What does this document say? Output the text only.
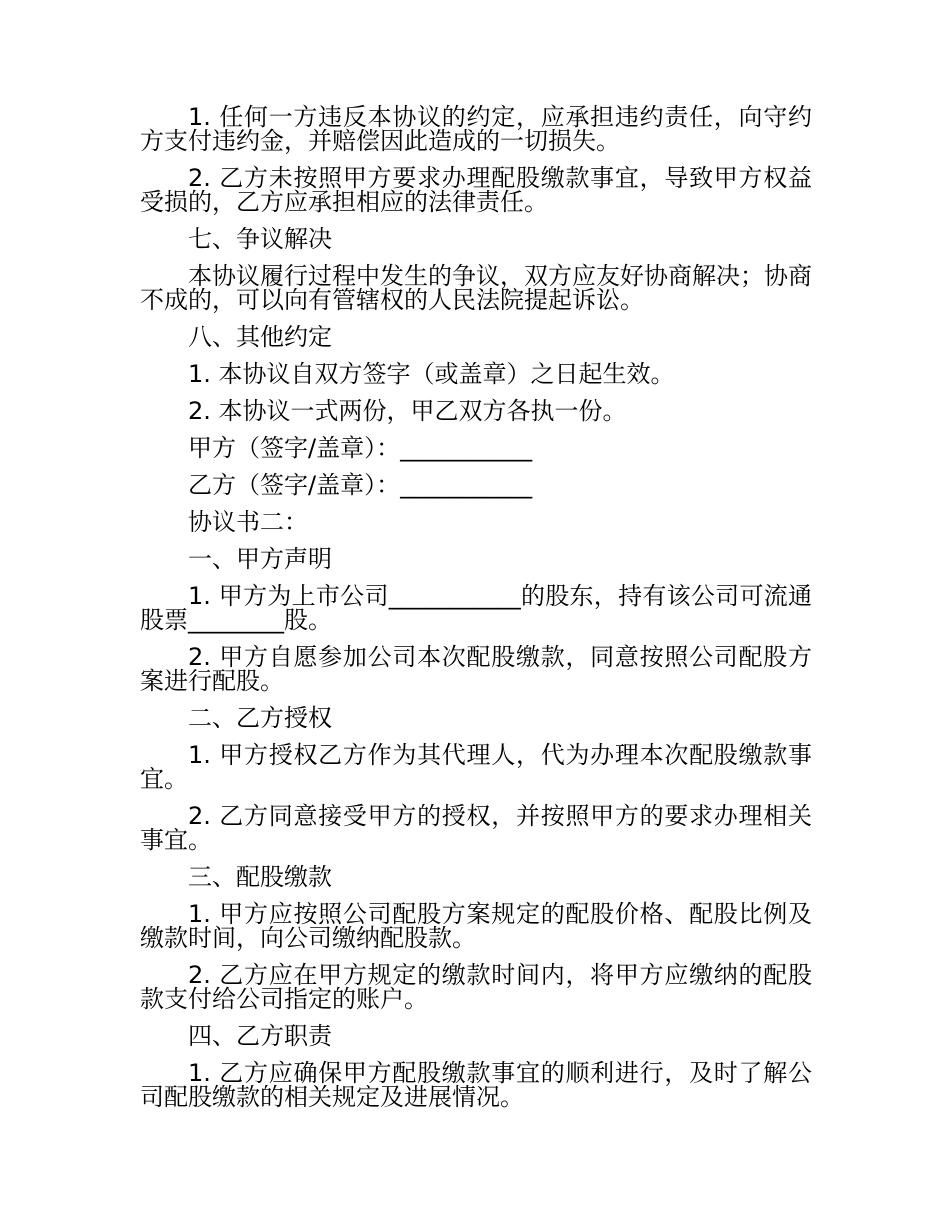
1. 任何一方违反本协议的约定，应承担违约责任，向守约方支付违约金，并赔偿因此造成的一切损失。

2. 乙方未按照甲方要求办理配股缴款事宜，导致甲方权益受损的，乙方应承担相应的法律责任。

七、争议解决

本协议履行过程中发生的争议，双方应友好协商解决；协商不成的，可以向有管辖权的人民法院提起诉讼。

八、其他约定

1. 本协议自双方签字（或盖章）之日起生效。

2. 本协议一式两份，甲乙双方各执一份。

甲方（签字/盖章）：___________

乙方（签字/盖章）：___________

协议书二：

一、甲方声明

1. 甲方为上市公司___________的股东，持有该公司可流通股票________股。

2. 甲方自愿参加公司本次配股缴款，同意按照公司配股方案进行配股。

二、乙方授权

1. 甲方授权乙方作为其代理人，代为办理本次配股缴款事宜。

2. 乙方同意接受甲方的授权，并按照甲方的要求办理相关事宜。

三、配股缴款

1. 甲方应按照公司配股方案规定的配股价格、配股比例及缴款时间，向公司缴纳配股款。

2. 乙方应在甲方规定的缴款时间内，将甲方应缴纳的配股款支付给公司指定的账户。

四、乙方职责

1. 乙方应确保甲方配股缴款事宜的顺利进行，及时了解公司配股缴款的相关规定及进展情况。
